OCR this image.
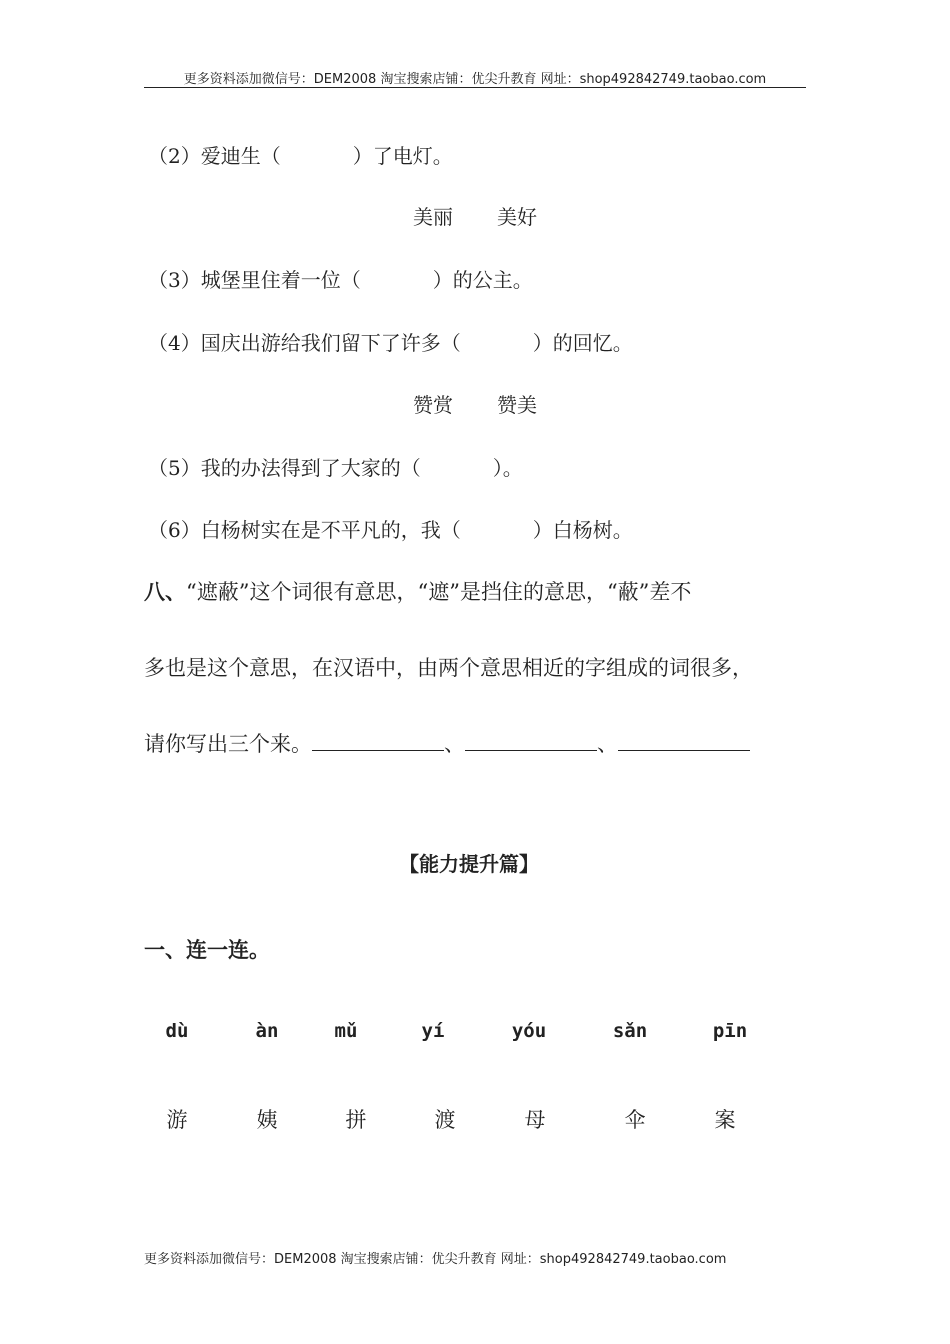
更多资料添加微信号：DEM2008 淘宝搜索店铺：优尖升教育 网址：shop492842749.taobao.com
（2）爱迪生（	）了电灯。
美丽 美好
（3）城堡里住着一位（	）的公主。
（4）国庆出游给我们留下了许多（	）的回忆。
赞赏 赞美
（5）我的办法得到了大家的（	）。
（6）白杨树实在是不平凡的，我（	）白杨树。
八、“遮蔽”这个词很有意思，“遮”是挡住的意思，“蔽”差不
多也是这个意思，在汉语中，由两个意思相近的字组成的词很多，
请你写出三个来。	、	、
【能力提升篇】
一、连一连。
dù	àn	mǔ	yí	yóu	sǎn	pīn
游	姨	拼	渡	母	伞	案
更多资料添加微信号：DEM2008 淘宝搜索店铺：优尖升教育 网址：shop492842749.taobao.com
